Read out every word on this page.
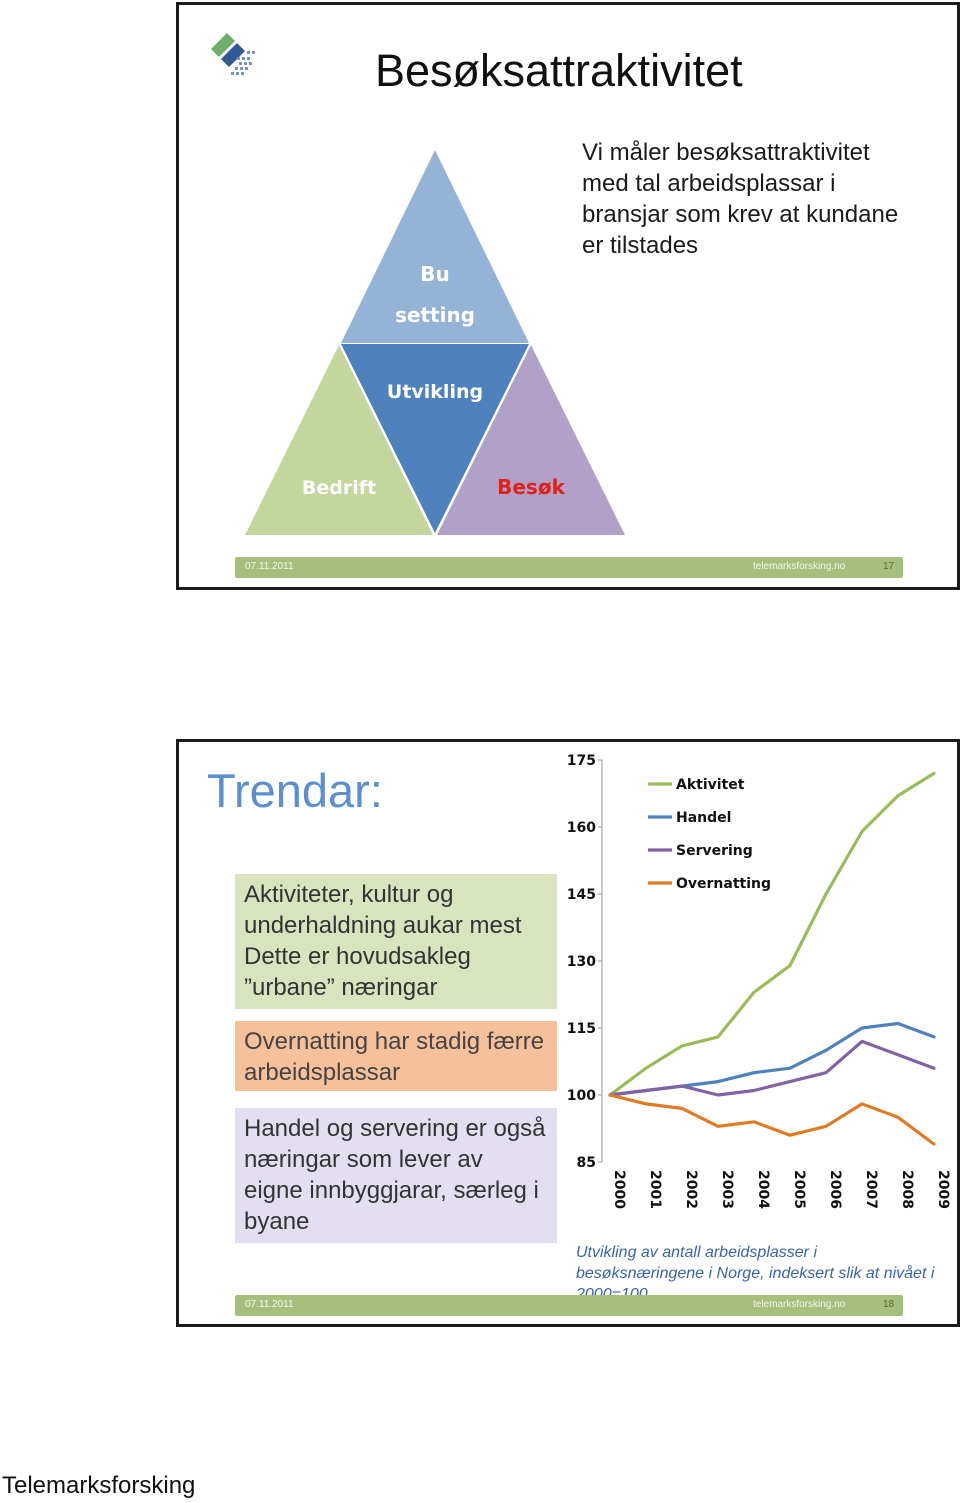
Besøksattraktivitet
Vi måler besøksattraktivitet med tal arbeidsplassar i bransjar som krev at kundane er tilstades
Bu
setting
Utvikling
Bedrift	Besøk
07.11.2011	telemarksforsking.no	17
Trendar:
Aktiviteter, kultur og underhaldning aukar mest Dette er hovudsakleg ”urbane” næringar
Overnatting har stadig færre arbeidsplassar
Handel og servering er også næringar som lever av eigne innbyggjarar, særleg i byane
175
160
145
130
115
100
85
2000 2001 2002 2003 2004 2005 2006 2007 2008 2009
Aktivitet
Handel
Servering
Overnatting
Utvikling av antall arbeidsplasser i besøksnæringene i Norge, indeksert slik at nivået i
07.11.2011	telemarksforsking.no	18
Telemarksforsking
